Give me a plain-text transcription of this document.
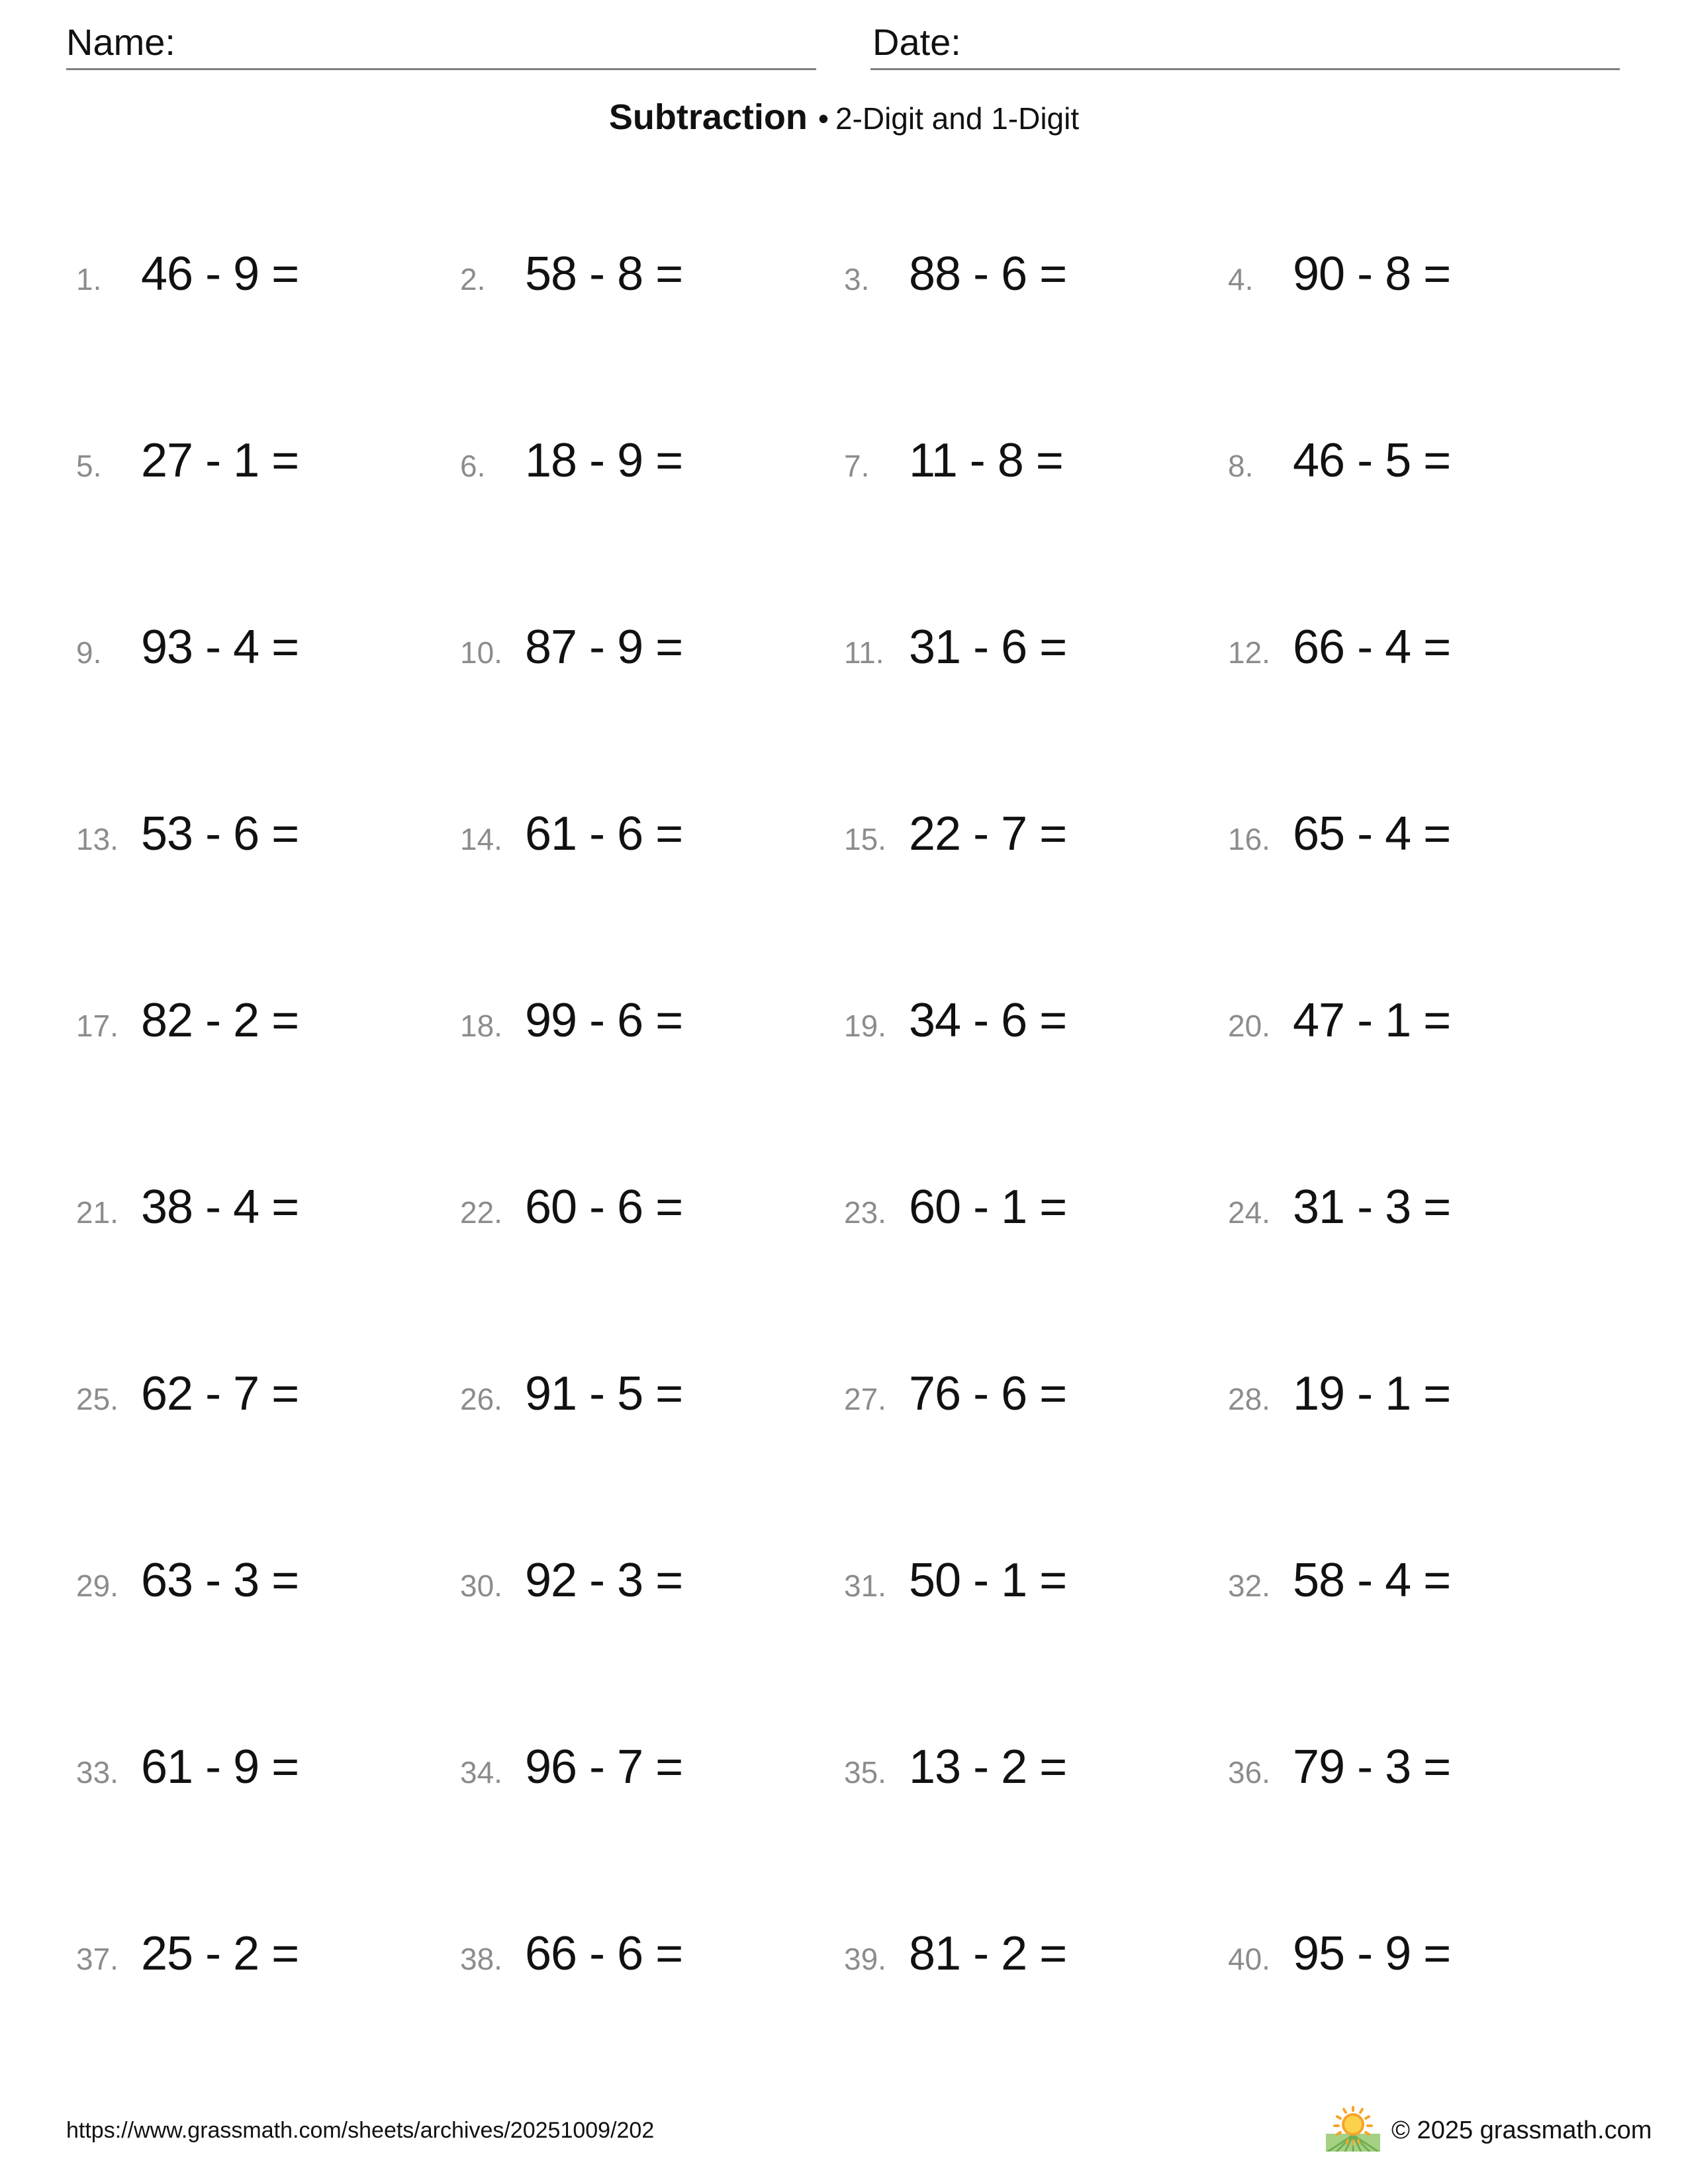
Name:	Date:
Subtraction • 2-Digit and 1-Digit
1. 46 - 9 =	2. 58 - 8 =	3. 88 - 6 =	4. 90 - 8 =
5. 27 - 1 =	6. 18 - 9 =	7. 11 - 8 =	8. 46 - 5 =
9. 93 - 4 =	10. 87 - 9 =	11. 31 - 6 =	12. 66 - 4 =
13. 53 - 6 =	14. 61 - 6 =	15. 22 - 7 =	16. 65 - 4 =
17. 82 - 2 =	18. 99 - 6 =	19. 34 - 6 =	20. 47 - 1 =
21. 38 - 4 =	22. 60 - 6 =	23. 60 - 1 =	24. 31 - 3 =
25. 62 - 7 =	26. 91 - 5 =	27. 76 - 6 =	28. 19 - 1 =
29. 63 - 3 =	30. 92 - 3 =	31. 50 - 1 =	32. 58 - 4 =
33. 61 - 9 =	34. 96 - 7 =	35. 13 - 2 =	36. 79 - 3 =
37. 25 - 2 =	38. 66 - 6 =	39. 81 - 2 =	40. 95 - 9 =
https://www.grassmath.com/sheets/archives/20251009/202	© 2025 grassmath.com
